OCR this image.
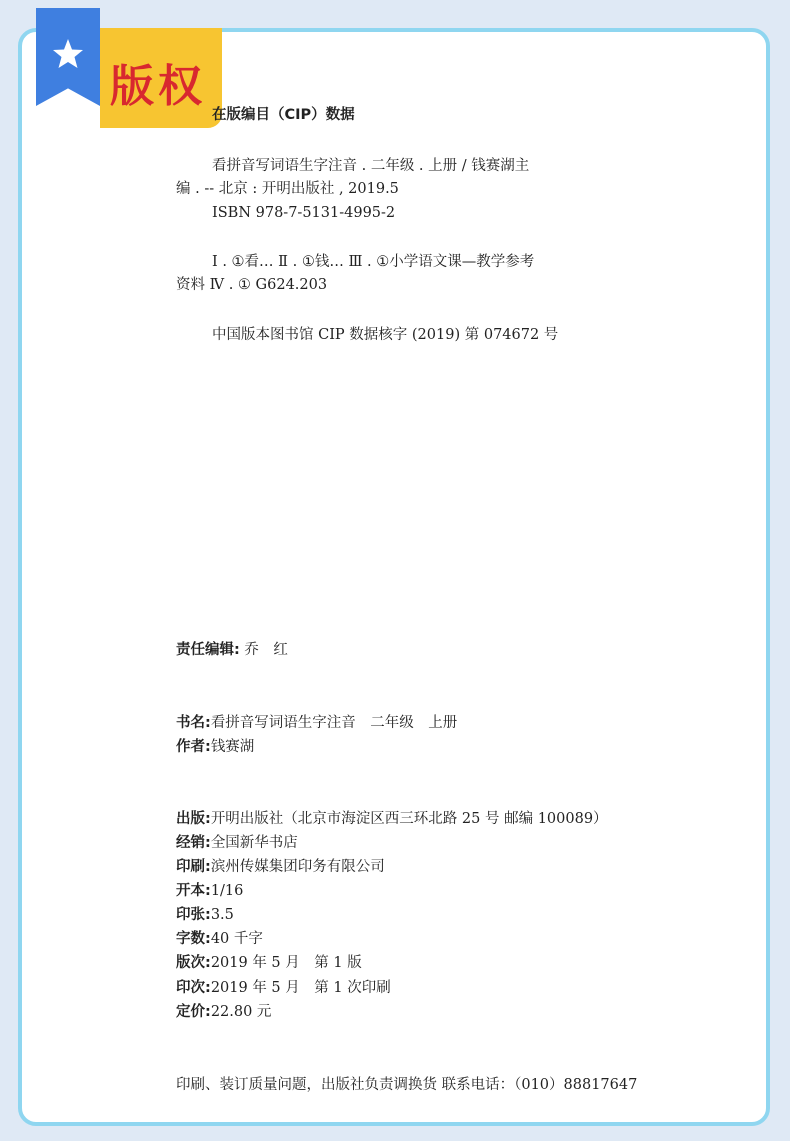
版权
在版编目（CIP）数据
看拼音写词语生字注音 . 二年级 . 上册 / 钱赛湖主
编 . -- 北京 : 开明出版社 , 2019.5
ISBN 978-7-5131-4995-2
Ⅰ . ①看… Ⅱ . ①钱… Ⅲ . ①小学语文课—教学参考
资料 Ⅳ . ① G624.203
中国版本图书馆 CIP 数据核字 (2019) 第 074672 号
责任编辑: 乔　红
书名:看拼音写词语生字注音　二年级　上册
作者:钱赛湖
出版:开明出版社（北京市海淀区西三环北路 25 号 邮编 100089）
经销:全国新华书店
印刷:滨州传媒集团印务有限公司
开本:1/16
印张:3.5
字数:40 千字
版次:2019 年 5 月　第 1 版
印次:2019 年 5 月　第 1 次印刷
定价:22.80 元
印刷、装订质量问题，出版社负责调换货 联系电话：（010）88817647
